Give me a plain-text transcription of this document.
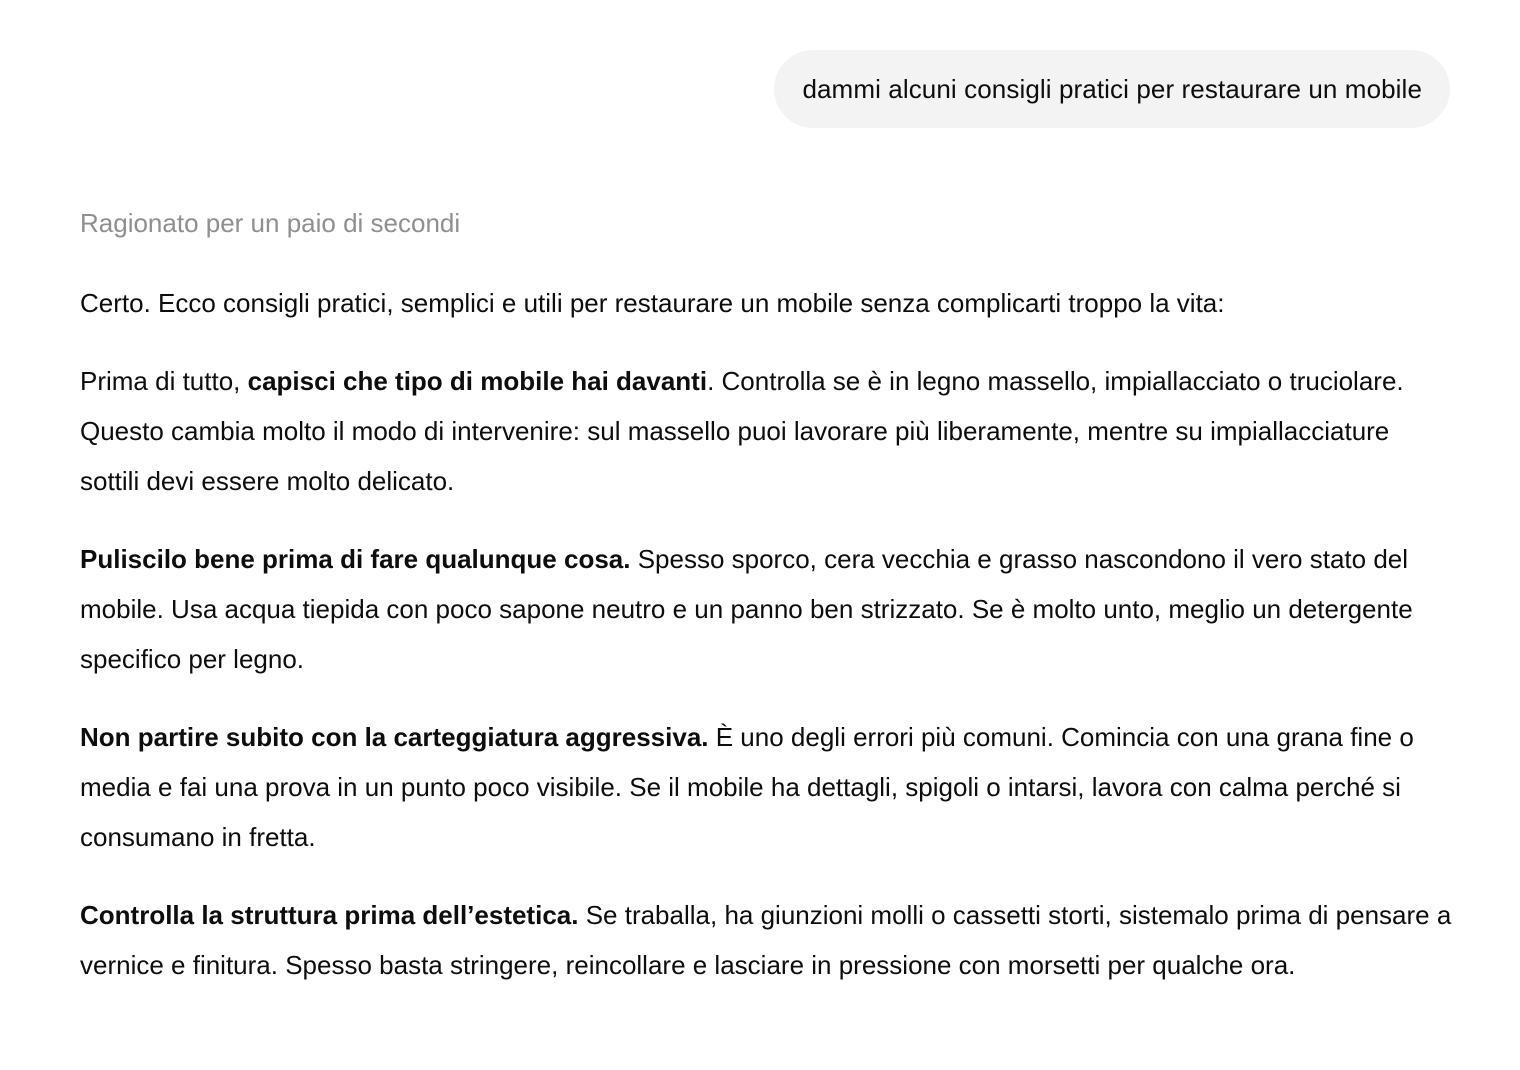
dammi alcuni consigli pratici per restaurare un mobile

Ragionato per un paio di secondi

Certo. Ecco consigli pratici, semplici e utili per restaurare un mobile senza complicarti troppo la vita:

Prima di tutto, capisci che tipo di mobile hai davanti. Controlla se è in legno massello, impiallacciato o truciolare. Questo cambia molto il modo di intervenire: sul massello puoi lavorare più liberamente, mentre su impiallacciature sottili devi essere molto delicato.

Puliscilo bene prima di fare qualunque cosa. Spesso sporco, cera vecchia e grasso nascondono il vero stato del mobile. Usa acqua tiepida con poco sapone neutro e un panno ben strizzato. Se è molto unto, meglio un detergente specifico per legno.

Non partire subito con la carteggiatura aggressiva. È uno degli errori più comuni. Comincia con una grana fine o media e fai una prova in un punto poco visibile. Se il mobile ha dettagli, spigoli o intarsi, lavora con calma perché si consumano in fretta.

Controlla la struttura prima dell’estetica. Se traballa, ha giunzioni molli o cassetti storti, sistemalo prima di pensare a vernice e finitura. Spesso basta stringere, reincollare e lasciare in pressione con morsetti per qualche ora.
